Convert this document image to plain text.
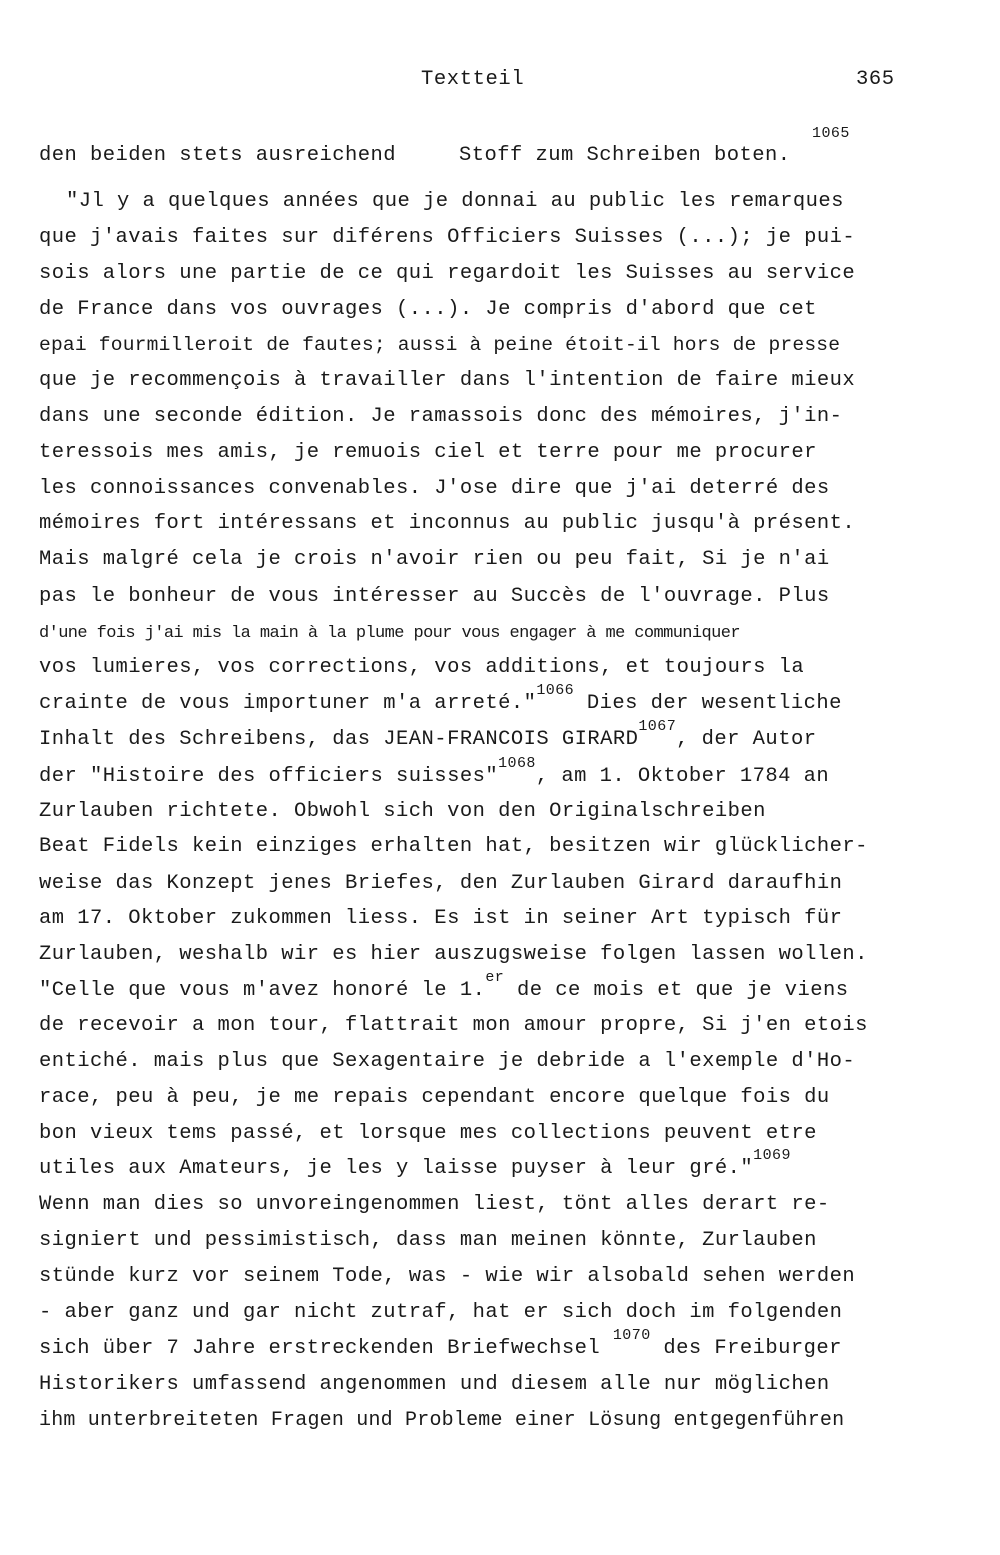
Textteil	365
den beiden stets ausreichend	Stoff zum Schreiben boten.
1065
"Jl y a quelques années que je donnai au public les remarques
que j'avais faites sur diférens Officiers Suisses (...); je pui-
sois alors une partie de ce qui regardoit les Suisses au service
de France dans vos ouvrages (...). Je compris d'abord que cet
epai fourmilleroit de fautes; aussi à peine étoit-il hors de presse
que je recommençois à travailler dans l'intention de faire mieux
dans une seconde édition. Je ramassois donc des mémoires, j'in-
teressois mes amis, je remuois ciel et terre pour me procurer
les connoissances convenables. J'ose dire que j'ai deterré des
mémoires fort intéressans et inconnus au public jusqu'à présent.
Mais malgré cela je crois n'avoir rien ou peu fait, Si je n'ai
pas le bonheur de vous intéresser au Succès de l'ouvrage. Plus
d'une fois j'ai mis la main à la plume pour vous engager à me communiquer
vos lumieres, vos corrections, vos additions, et toujours la
crainte de vous importuner m'a arreté."$^{1066}$ Dies der wesentliche
Inhalt des Schreibens, das JEAN-FRANCOIS $GIRARD^{1067}$, der Autor
der "Histoire des officiers suisses"$^{1068}$, am 1. Oktober 1784 an
Zurlauben richtete. Obwohl sich von den Originalschreiben
Beat Fidels kein einziges erhalten hat, besitzen wir glücklicher-
weise das Konzept jenes Briefes, den Zurlauben Girard daraufhin
am 17. Oktober zukommen liess. Es ist in seiner Art typisch für
Zurlauben, weshalb wir es hier auszugsweise folgen lassen wollen.
"Celle que vous m'avez honoré le 1.$^{er}$ de ce mois et que je viens
de recevoir a mon tour, flattrait mon amour propre, Si j'en etois
entiché. mais plus que Sexagentaire je debride a l'exemple d'Ho-
race, peu à peu, je me repais cependant encore quelque fois du
bon vieux tems passé, et lorsque mes collections peuvent etre
utiles aux Amateurs, je les y laisse puyser à leur gré."$^{1069}$
Wenn man dies so unvoreingenommen liest, tönt alles derart re-
signiert und pessimistisch, dass man meinen könnte, Zurlauben
stünde kurz vor seinem Tode, was - wie wir alsobald sehen werden
- aber ganz und gar nicht zutraf, hat er sich doch im folgenden
sich über 7 Jahre erstreckenden Briefwechsel $^{1070}$ des Freiburger
Historikers umfassend angenommen und diesem alle nur möglichen
ihm unterbreiteten Fragen und Probleme einer Lösung entgegenführen
